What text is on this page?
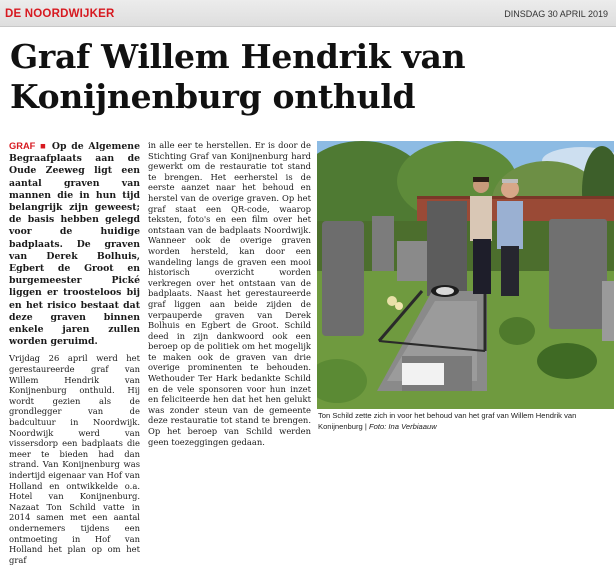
DE NOORDWIJKER	DINSDAG 30 APRIL 2019
Graf Willem Hendrik van Konijnenburg onthuld

GRAF ■ Op de Algemene Begraafplaats aan de Oude Zeeweg ligt een aantal graven van mannen die in hun tijd belangrijk zijn geweest; de basis hebben gelegd voor de huidige badplaats. De graven van Derek Bolhuis, Egbert de Groot en burgemeester Pické liggen er troosteloos bij en het risico bestaat dat deze graven binnen enkele jaren zullen worden geruimd.

Vrijdag 26 april werd het gerestaureerde graf van Willem Hendrik van Konijnenburg onthuld. Hij wordt gezien als de grondlegger van de badcultuur in Noordwijk. Noordwijk werd van vissersdorp een badplaats die meer te bieden had dan strand. Van Konijnenburg was indertijd eigenaar van Hof van Holland en ontwikkelde o.a. Hotel van Konijnenburg. Nazaat Ton Schild vatte in 2014 samen met een aantal ondernemers tijdens een ontmoeting in Hof van Holland het plan op om het graf

in alle eer te herstellen. Er is door de Stichting Graf van Konijnenburg hard gewerkt om de restauratie tot stand te brengen. Het eerherstel is de eerste aanzet naar het behoud en herstel van de overige graven. Op het graf staat een QR-code, waarop teksten, foto's en een film over het ontstaan van de badplaats Noordwijk. Wanneer ook de overige graven worden hersteld, kan door een wandeling langs de graven een mooi historisch overzicht worden verkregen over het ontstaan van de badplaats. Naast het gerestaureerde graf liggen aan beide zijden de verpauperde graven van Derek Bolhuis en Egbert de Groot. Schild deed in zijn dankwoord ook een beroep op de politiek om het mogelijk te maken ook de graven van drie overige prominenten te behouden. Wethouder Ter Hark bedankte Schild en de vele sponsoren voor hun inzet en feliciteerde hen dat het hen gelukt was zonder steun van de gemeente deze restauratie tot stand te brengen. Op het beroep van Schild werden geen toezeggingen gedaan.

Ton Schild zette zich in voor het behoud van het graf van Willem Hendrik van Konijnenburg | Foto: Ina Verbiaauw
